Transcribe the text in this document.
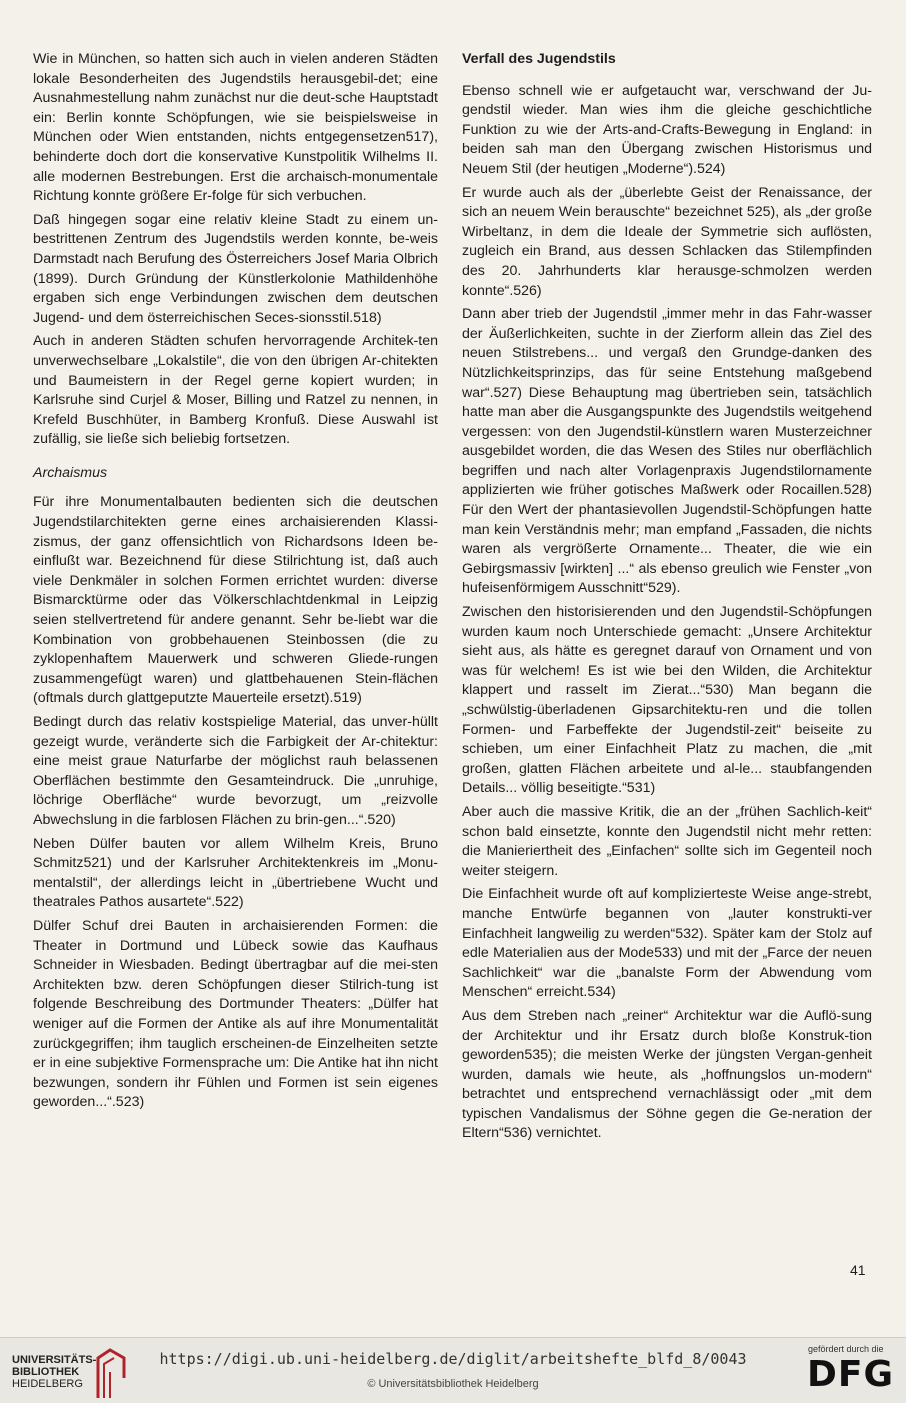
Wie in München, so hatten sich auch in vielen anderen Städten lokale Besonderheiten des Jugendstils herausgebil-det; eine Ausnahmestellung nahm zunächst nur die deut-sche Hauptstadt ein: Berlin konnte Schöpfungen, wie sie beispielsweise in München oder Wien entstanden, nichts entgegensetzen517), behinderte doch dort die konservative Kunstpolitik Wilhelms II. alle modernen Bestrebungen. Erst die archaisch-monumentale Richtung konnte größere Er-folge für sich verbuchen.

Daß hingegen sogar eine relativ kleine Stadt zu einem un-bestrittenen Zentrum des Jugendstils werden konnte, be-weis Darmstadt nach Berufung des Österreichers Josef Maria Olbrich (1899). Durch Gründung der Künstlerkolonie Mathildenhöhe ergaben sich enge Verbindungen zwischen dem deutschen Jugend- und dem österreichischen Seces-sionsstil.518)

Auch in anderen Städten schufen hervorragende Architek-ten unverwechselbare „Lokalstile“, die von den übrigen Ar-chitekten und Baumeistern in der Regel gerne kopiert wurden; in Karlsruhe sind Curjel & Moser, Billing und Ratzel zu nennen, in Krefeld Buschhüter, in Bamberg Kronfuß. Diese Auswahl ist zufällig, sie ließe sich beliebig fortsetzen.

Archaismus

Für ihre Monumentalbauten bedienten sich die deutschen Jugendstilarchitekten gerne eines archaisierenden Klassi-zismus, der ganz offensichtlich von Richardsons Ideen be-einflußt war. Bezeichnend für diese Stilrichtung ist, daß auch viele Denkmäler in solchen Formen errichtet wurden: diverse Bismarcktürme oder das Völkerschlachtdenkmal in Leipzig seien stellvertretend für andere genannt. Sehr be-liebt war die Kombination von grobbehauenen Steinbossen (die zu zyklopenhaftem Mauerwerk und schweren Gliede-rungen zusammengefügt waren) und glattbehauenen Stein-flächen (oftmals durch glattgeputzte Mauerteile ersetzt).519)

Bedingt durch das relativ kostspielige Material, das unver-hüllt gezeigt wurde, veränderte sich die Farbigkeit der Ar-chitektur: eine meist graue Naturfarbe der möglichst rauh belassenen Oberflächen bestimmte den Gesamteindruck. Die „unruhige, löchrige Oberfläche“ wurde bevorzugt, um „reizvolle Abwechslung in die farblosen Flächen zu brin-gen...“.520)

Neben Dülfer bauten vor allem Wilhelm Kreis, Bruno Schmitz521) und der Karlsruher Architektenkreis im „Monu-mentalstil“, der allerdings leicht in „übertriebene Wucht und theatrales Pathos ausartete“.522)

Dülfer Schuf drei Bauten in archaisierenden Formen: die Theater in Dortmund und Lübeck sowie das Kaufhaus Schneider in Wiesbaden. Bedingt übertragbar auf die mei-sten Architekten bzw. deren Schöpfungen dieser Stilrich-tung ist folgende Beschreibung des Dortmunder Theaters: „Dülfer hat weniger auf die Formen der Antike als auf ihre Monumentalität zurückgegriffen; ihm tauglich erscheinen-de Einzelheiten setzte er in eine subjektive Formensprache um: Die Antike hat ihn nicht bezwungen, sondern ihr Fühlen und Formen ist sein eigenes geworden...“.523)

Verfall des Jugendstils

Ebenso schnell wie er aufgetaucht war, verschwand der Ju-gendstil wieder. Man wies ihm die gleiche geschichtliche Funktion zu wie der Arts-and-Crafts-Bewegung in England: in beiden sah man den Übergang zwischen Historismus und Neuem Stil (der heutigen „Moderne“).524)

Er wurde auch als der „überlebte Geist der Renaissance, der sich an neuem Wein berauschte“ bezeichnet 525), als „der große Wirbeltanz, in dem die Ideale der Symmetrie sich auflösten, zugleich ein Brand, aus dessen Schlacken das Stilempfinden des 20. Jahrhunderts klar herausge-schmolzen werden konnte“.526)

Dann aber trieb der Jugendstil „immer mehr in das Fahr-wasser der Äußerlichkeiten, suchte in der Zierform allein das Ziel des neuen Stilstrebens... und vergaß den Grundge-danken des Nützlichkeitsprinzips, das für seine Entstehung maßgebend war“.527) Diese Behauptung mag übertrieben sein, tatsächlich hatte man aber die Ausgangspunkte des Jugendstils weitgehend vergessen: von den Jugendstil-künstlern waren Musterzeichner ausgebildet worden, die das Wesen des Stiles nur oberflächlich begriffen und nach alter Vorlagenpraxis Jugendstilornamente applizierten wie früher gotisches Maßwerk oder Rocaillen.528) Für den Wert der phantasievollen Jugendstil-Schöpfungen hatte man kein Verständnis mehr; man empfand „Fassaden, die nichts waren als vergrößerte Ornamente... Theater, die wie ein Gebirgsmassiv [wirkten] ...“ als ebenso greulich wie Fenster „von hufeisenförmigem Ausschnitt“529).

Zwischen den historisierenden und den Jugendstil-Schöpfungen wurden kaum noch Unterschiede gemacht: „Unsere Architektur sieht aus, als hätte es geregnet darauf von Ornament und von was für welchem! Es ist wie bei den Wilden, die Architektur klappert und rasselt im Zierat...“530) Man begann die „schwülstig-überladenen Gipsarchitektu-ren und die tollen Formen- und Farbeffekte der Jugendstil-zeit“ beiseite zu schieben, um einer Einfachheit Platz zu machen, die „mit großen, glatten Flächen arbeitete und al-le... staubfangenden Details... völlig beseitigte.“531)

Aber auch die massive Kritik, die an der „frühen Sachlich-keit“ schon bald einsetzte, konnte den Jugendstil nicht mehr retten: die Manieriertheit des „Einfachen“ sollte sich im Gegenteil noch weiter steigern.

Die Einfachheit wurde oft auf komplizierteste Weise ange-strebt, manche Entwürfe begannen von „lauter konstrukti-ver Einfachheit langweilig zu werden“532). Später kam der Stolz auf edle Materialien aus der Mode533) und mit der „Farce der neuen Sachlichkeit“ war die „banalste Form der Abwendung vom Menschen“ erreicht.534)

Aus dem Streben nach „reiner“ Architektur war die Auflö-sung der Architektur und ihr Ersatz durch bloße Konstruk-tion geworden535); die meisten Werke der jüngsten Vergan-genheit wurden, damals wie heute, als „hoffnungslos un-modern“ betrachtet und entsprechend vernachlässigt oder „mit dem typischen Vandalismus der Söhne gegen die Ge-neration der Eltern“536) vernichtet.

41
UNIVERSITÄTS-
BIBLIOTHEK
HEIDELBERG
https://digi.ub.uni-heidelberg.de/diglit/arbeitshefte_blfd_8/0043
© Universitätsbibliothek Heidelberg
gefördert durch die
DFG
